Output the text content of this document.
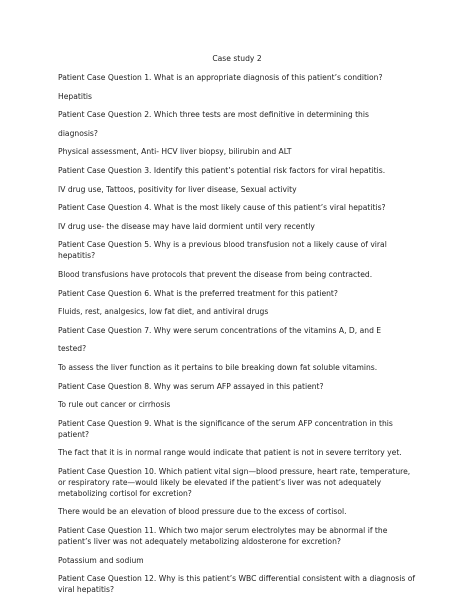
Case study 2

Patient Case Question 1. What is an appropriate diagnosis of this patient’s condition?

Hepatitis

Patient Case Question 2. Which three tests are most definitive in determining this

diagnosis?

Physical assessment, Anti- HCV liver biopsy, bilirubin and ALT

Patient Case Question 3. Identify this patient’s potential risk factors for viral hepatitis.

IV drug use, Tattoos, positivity for liver disease, Sexual activity

Patient Case Question 4. What is the most likely cause of this patient’s viral hepatitis?

IV drug use- the disease may have laid dormient until very recently

Patient Case Question 5. Why is a previous blood transfusion not a likely cause of viral hepatitis?

Blood transfusions have protocols that prevent the disease from being contracted.

Patient Case Question 6. What is the preferred treatment for this patient?

Fluids, rest, analgesics, low fat diet, and antiviral drugs

Patient Case Question 7. Why were serum concentrations of the vitamins A, D, and E

tested?

To assess the liver function as it pertains to bile breaking down fat soluble vitamins.

Patient Case Question 8. Why was serum AFP assayed in this patient?

To rule out cancer or cirrhosis

Patient Case Question 9. What is the significance of the serum AFP concentration in this patient?

The fact that it is in normal range would indicate that patient is not in severe territory yet.

Patient Case Question 10. Which patient vital sign—blood pressure, heart rate, temperature, or respiratory rate—would likely be elevated if the patient’s liver was not adequately metabolizing cortisol for excretion?

There would be an elevation of blood pressure due to the excess of cortisol.

Patient Case Question 11. Which two major serum electrolytes may be abnormal if the patient’s liver was not adequately metabolizing aldosterone for excretion?

Potassium and sodium

Patient Case Question 12. Why is this patient’s WBC differential consistent with a diagnosis of viral hepatitis?
